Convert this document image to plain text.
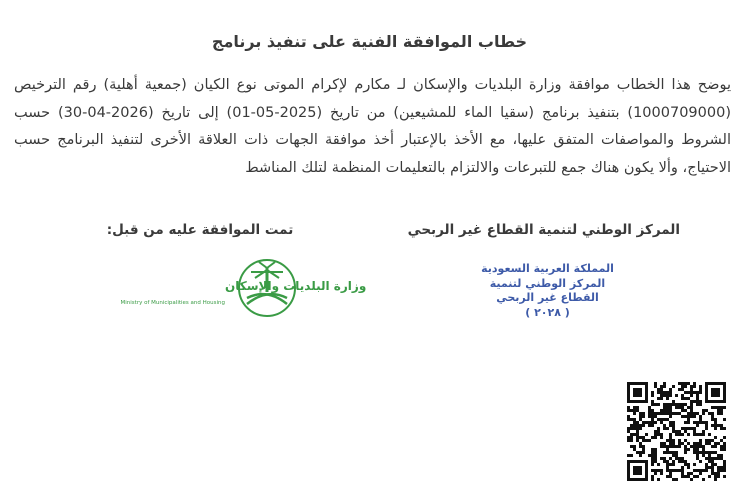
خطاب الموافقة الفنية على تنفيذ برنامج
يوضح هذا الخطاب موافقة وزارة البلديات والإسكان لـ مكارم لإكرام الموتى نوع الكيان (جمعية أهلية) رقم الترخيص (1000709000) بتنفيذ برنامج (سقيا الماء للمشيعين) من تاريخ (2025-05-01) إلى تاريخ (2026-04-30) حسب الشروط والمواصفات المتفق عليها، مع الأخذ بالإعتبار أخذ موافقة الجهات ذات العلاقة الأخرى لتنفيذ البرنامج حسب الاحتياج، وألا يكون هناك جمع للتبرعات والالتزام بالتعليمات المنظمة لتلك المناشط
تمت الموافقة عليه من قبل:	المركز الوطني لتنمية القطاع غير الربحي
وزارة البلديات والإسكان
Ministry of Municipalities and Housing
المملكة العربية السعودية
المركز الوطني لتنمية
القطاع غير الربحي
( ٢٠٢٨ )
